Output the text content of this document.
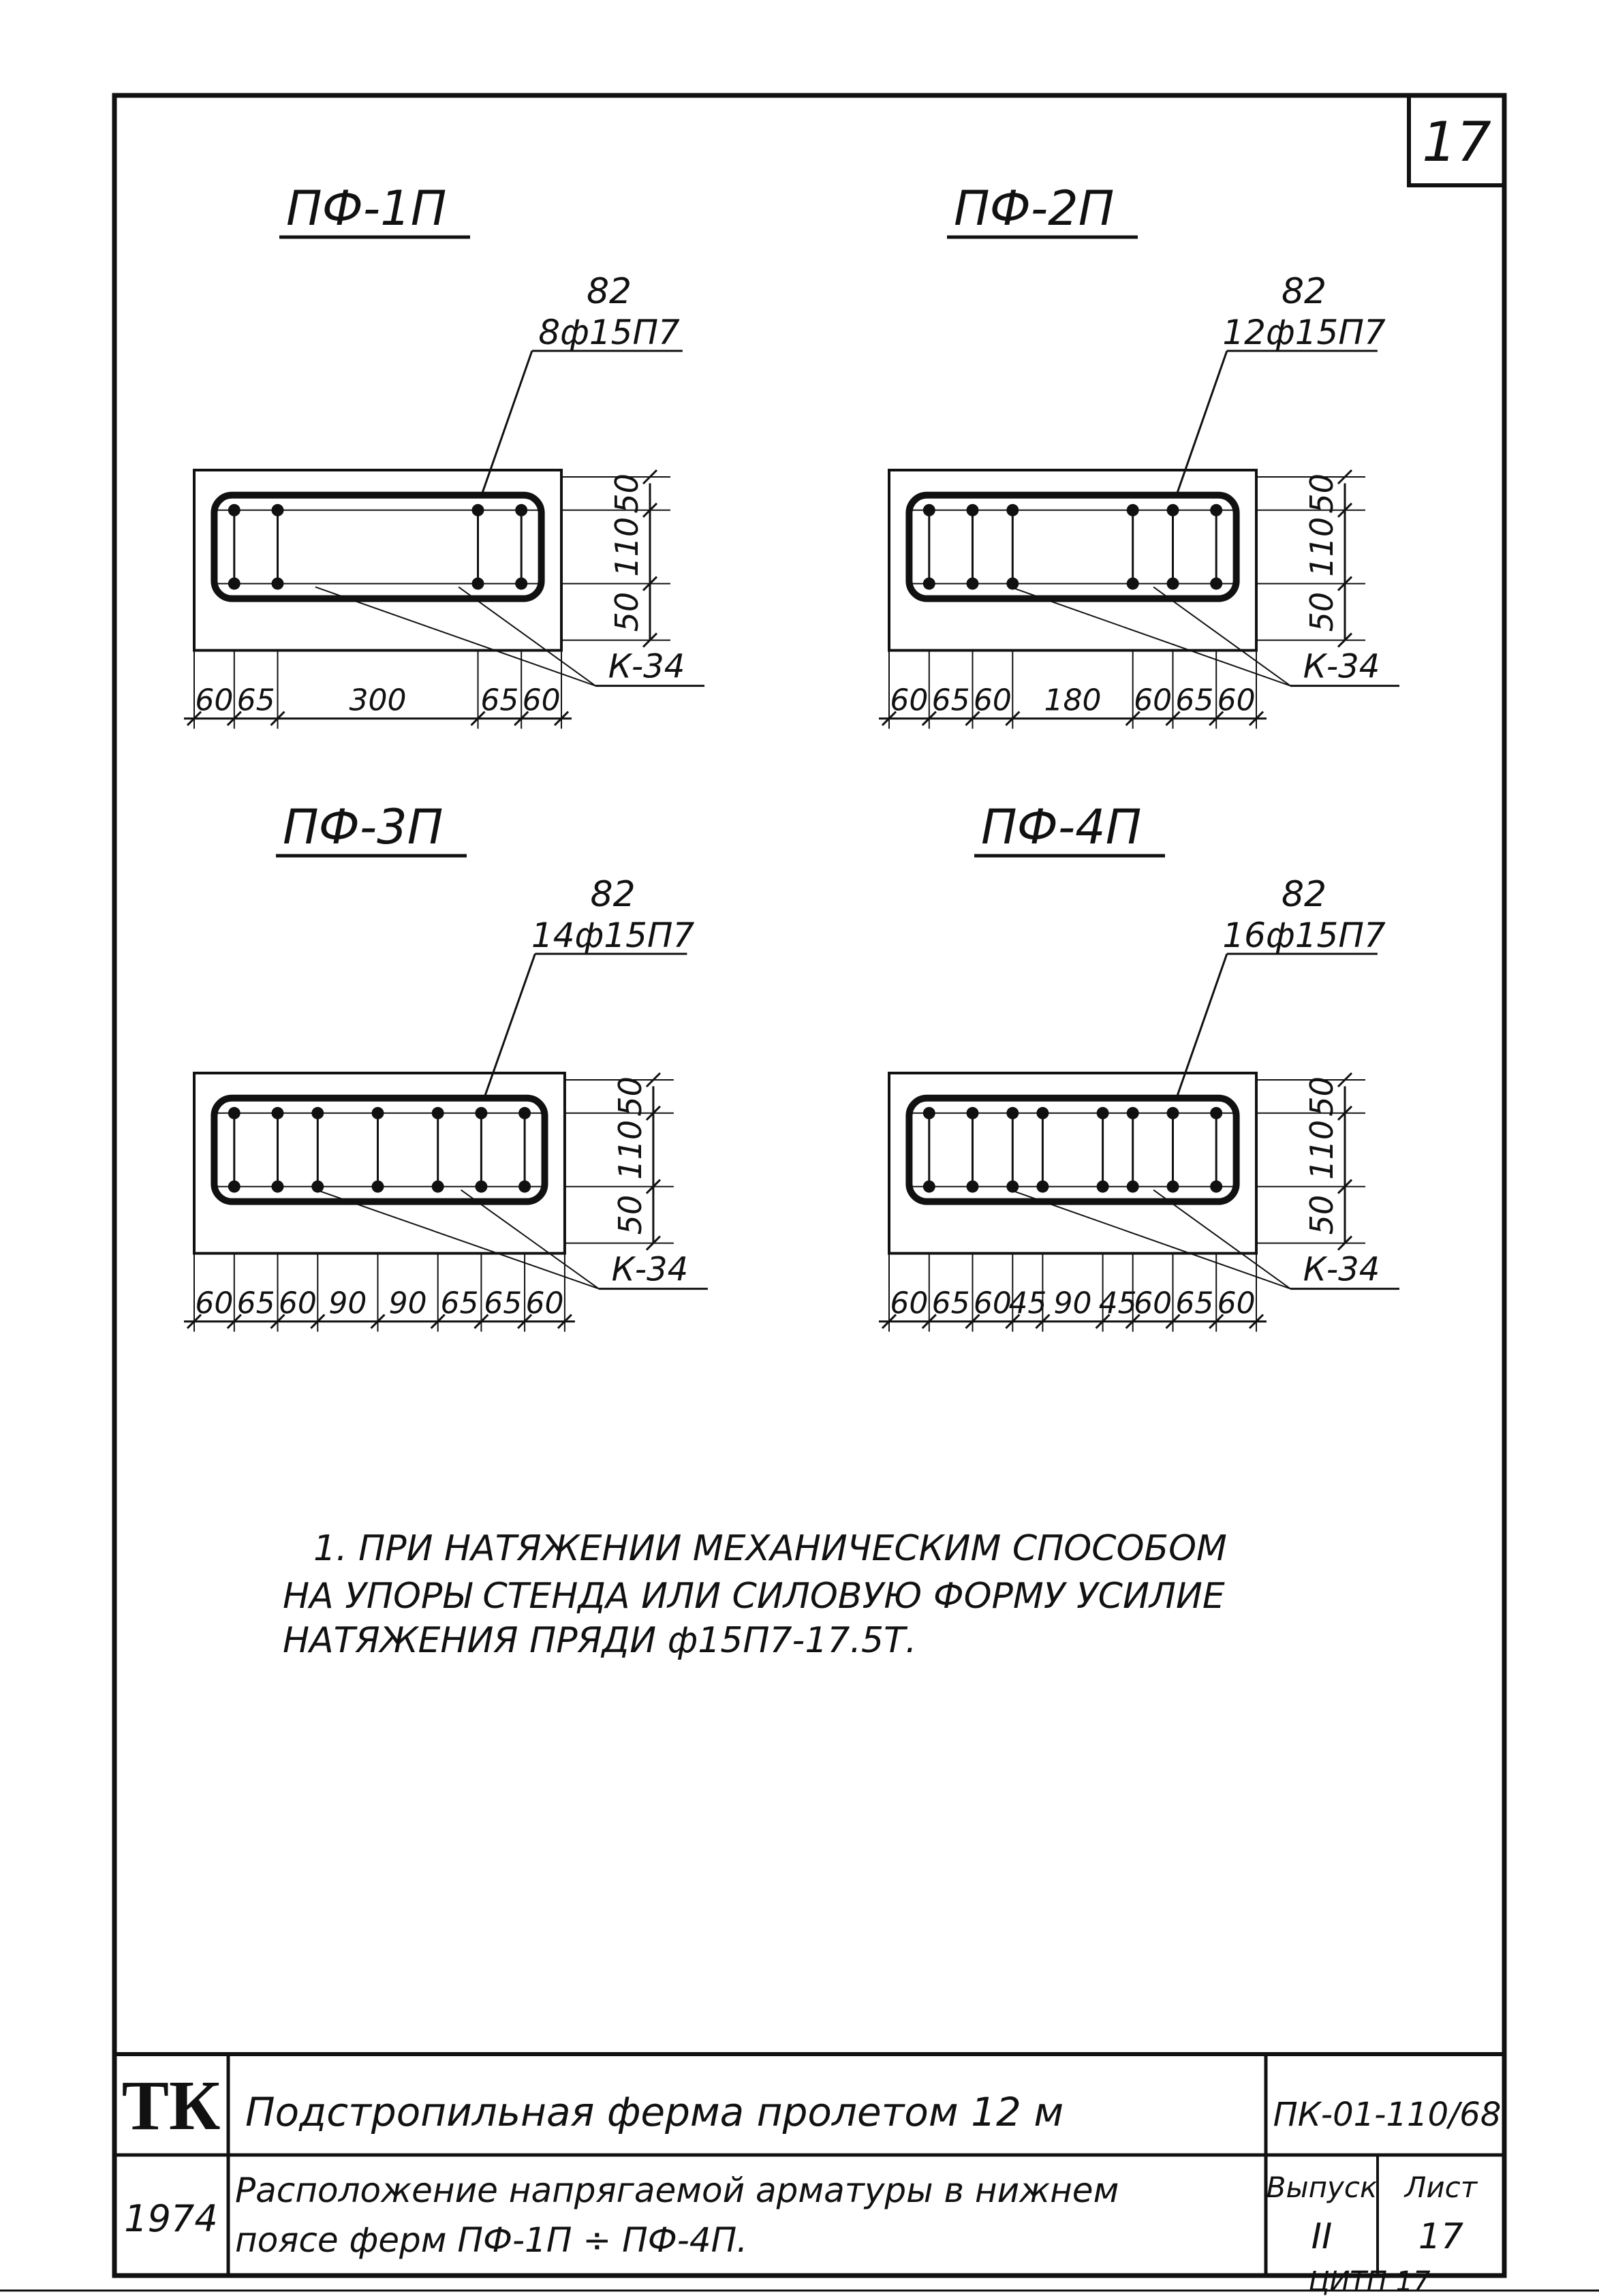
17
ПФ-1П
50
110
50
8ф15П7
82
К-34
60 65 300 65 60
ПФ-2П
50
110
50
12ф15П7
82
К-34
60 65 60 180 60 65 60
ПФ-3П
50
110
50
14ф15П7
82
К-34
60 65 60 90 90 65 65 60
ПФ-4П
50
110
50
16ф15П7
82
К-34
60 65 60
45 90 45
60 65 60
1. ПРИ НАТЯЖЕНИИ МЕХАНИЧЕСКИМ СПОСОБОМ
НА УПОРЫ СТЕНДА ИЛИ СИЛОВУЮ ФОРМУ УСИЛИЕ
НАТЯЖЕНИЯ ПРЯДИ ф15П7-17.5Т.
ТК
1974
Подстропильная ферма пролетом 12 м
Расположение напрягаемой арматуры в нижнем
поясе ферм ПФ-1П ÷ ПФ-4П.
ПК-01-110/68
Выпуск
II
Лист
17
ЦИТП 17
